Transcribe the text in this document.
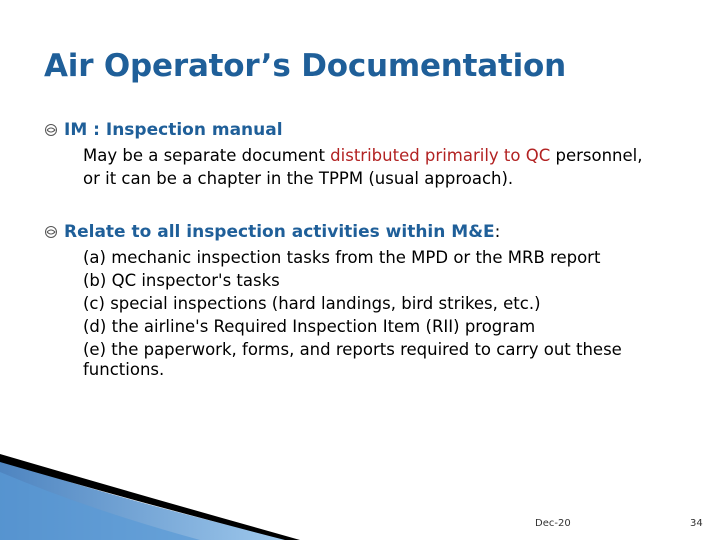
Air Operator’s Documentation
IM : Inspection manual
May be a separate document distributed primarily to QC personnel,
or it can be a chapter in the TPPM (usual approach).
Relate to all inspection activities within M&E:
(a) mechanic inspection tasks from the MPD or the MRB report
(b) QC inspector's tasks
(c) special inspections (hard landings, bird strikes, etc.)
(d) the airline's Required Inspection Item (RII) program
(e) the paperwork, forms, and reports required to carry out these
functions.
Dec-20	34
